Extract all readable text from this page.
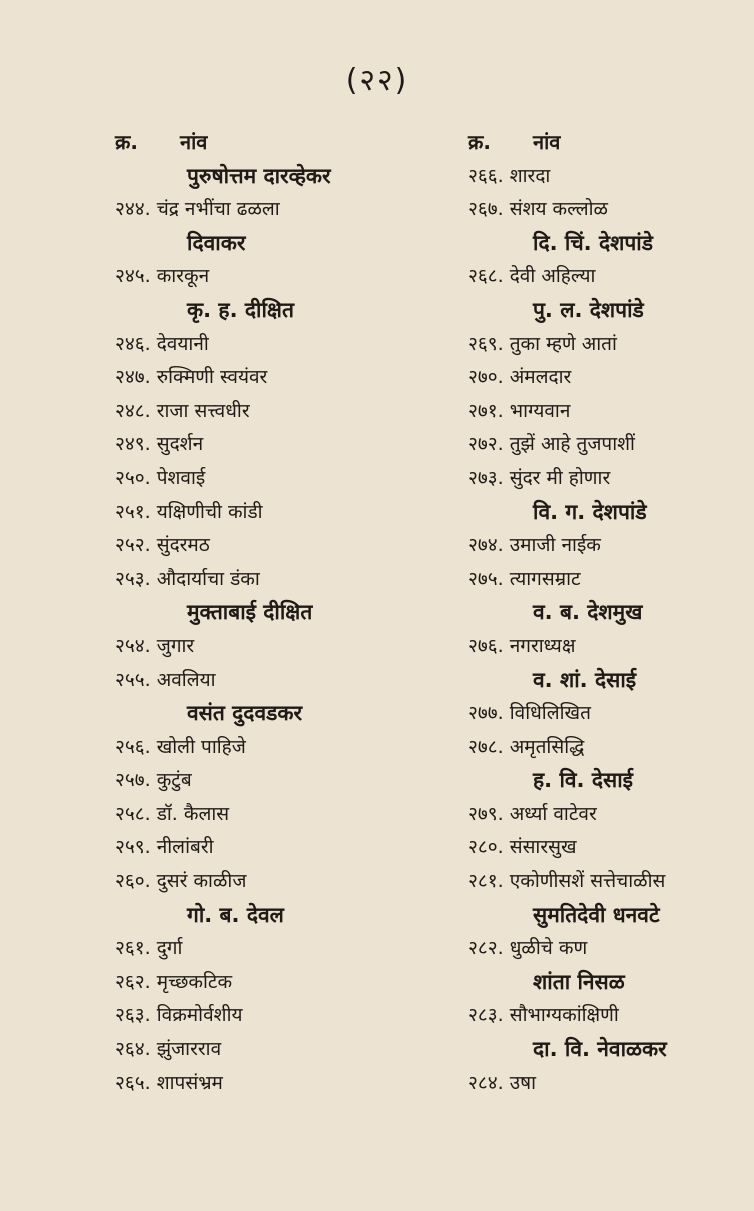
(२२)
क्र. नांव
पुरुषोत्तम दारव्हेकर
२४४. चंद्र नभींचा ढळला
दिवाकर
२४५. कारकून
कृ. ह. दीक्षित
२४६. देवयानी
२४७. रुक्मिणी स्वयंवर
२४८. राजा सत्त्वधीर
२४९. सुदर्शन
२५०. पेशवाई
२५१. यक्षिणीची कांडी
२५२. सुंदरमठ
२५३. औदार्याचा डंका
मुक्ताबाई दीक्षित
२५४. जुगार
२५५. अवलिया
वसंत दुदवडकर
२५६. खोली पाहिजे
२५७. कुटुंब
२५८. डॉ. कैलास
२५९. नीलांबरी
२६०. दुसरं काळीज
गो. ब. देवल
२६१. दुर्गा
२६२. मृच्छकटिक
२६३. विक्रमोर्वशीय
२६४. झुंजारराव
२६५. शापसंभ्रम
क्र. नांव
२६६. शारदा
२६७. संशय कल्लोळ
दि. चिं. देशपांडे
२६८. देवी अहिल्या
पु. ल. देशपांडे
२६९. तुका म्हणे आतां
२७०. अंमलदार
२७१. भाग्यवान
२७२. तुझें आहे तुजपाशीं
२७३. सुंदर मी होणार
वि. ग. देशपांडे
२७४. उमाजी नाईक
२७५. त्यागसम्राट
व. ब. देशमुख
२७६. नगराध्यक्ष
व. शां. देसाई
२७७. विधिलिखित
२७८. अमृतसिद्धि
ह. वि. देसाई
२७९. अर्ध्या वाटेवर
२८०. संसारसुख
२८१. एकोणीसशें सत्तेचाळीस
सुमतिदेवी धनवटे
२८२. धुळीचे कण
शांता निसळ
२८३. सौभाग्यकांक्षिणी
दा. वि. नेवाळकर
२८४. उषा
